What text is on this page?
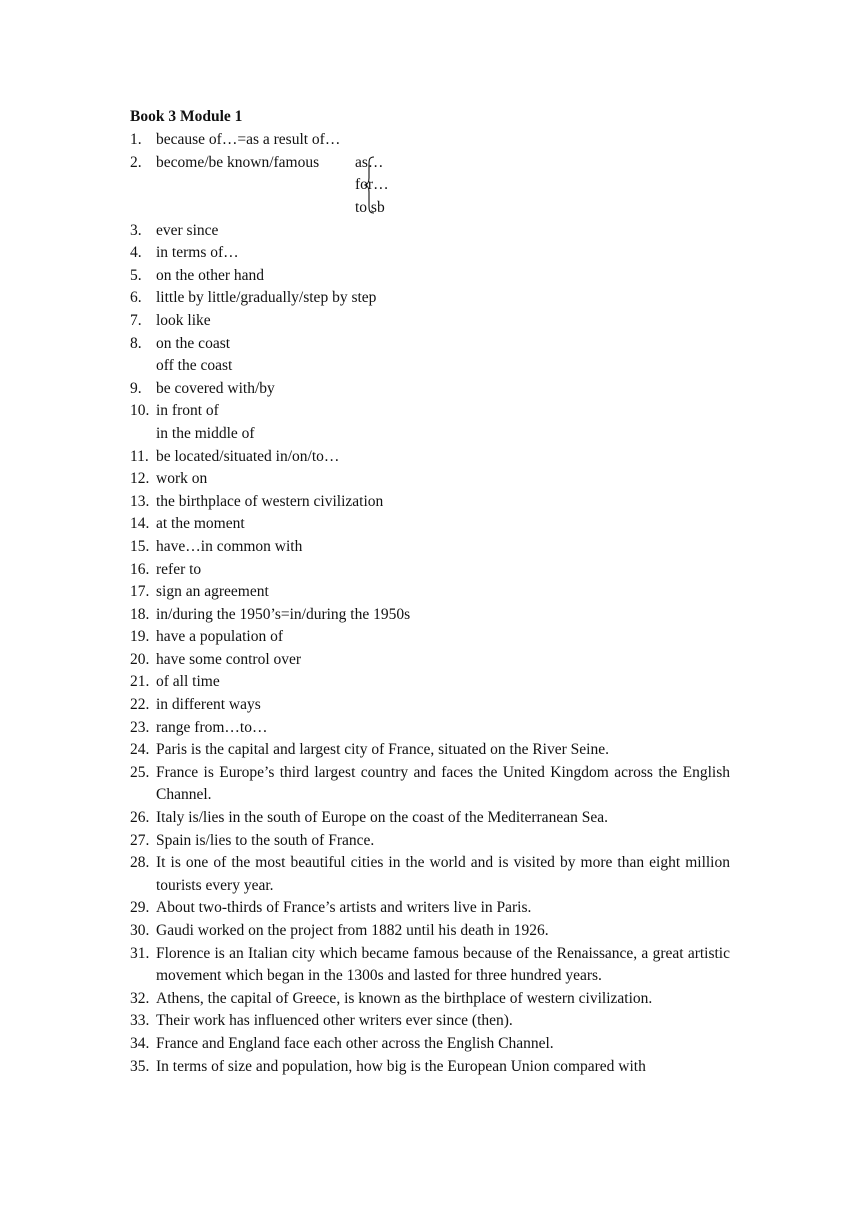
Book 3 Module 1
1. because of…=as a result of…
2. become/be known/famous as…
for…
to sb
3. ever since
4. in terms of…
5. on the other hand
6. little by little/gradually/step by step
7. look like
8. on the coast
off the coast
9. be covered with/by
10. in front of
in the middle of
11. be located/situated in/on/to…
12. work on
13. the birthplace of western civilization
14. at the moment
15. have…in common with
16. refer to
17. sign an agreement
18. in/during the 1950’s=in/during the 1950s
19. have a population of
20. have some control over
21. of all time
22. in different ways
23. range from…to…
24. Paris is the capital and largest city of France, situated on the River Seine.
25. France is Europe’s third largest country and faces the United Kingdom across the English Channel.
26. Italy is/lies in the south of Europe on the coast of the Mediterranean Sea.
27. Spain is/lies to the south of France.
28. It is one of the most beautiful cities in the world and is visited by more than eight million tourists every year.
29. About two-thirds of France’s artists and writers live in Paris.
30. Gaudi worked on the project from 1882 until his death in 1926.
31. Florence is an Italian city which became famous because of the Renaissance, a great artistic movement which began in the 1300s and lasted for three hundred years.
32. Athens, the capital of Greece, is known as the birthplace of western civilization.
33. Their work has influenced other writers ever since (then).
34. France and England face each other across the English Channel.
35. In terms of size and population, how big is the European Union compared with
